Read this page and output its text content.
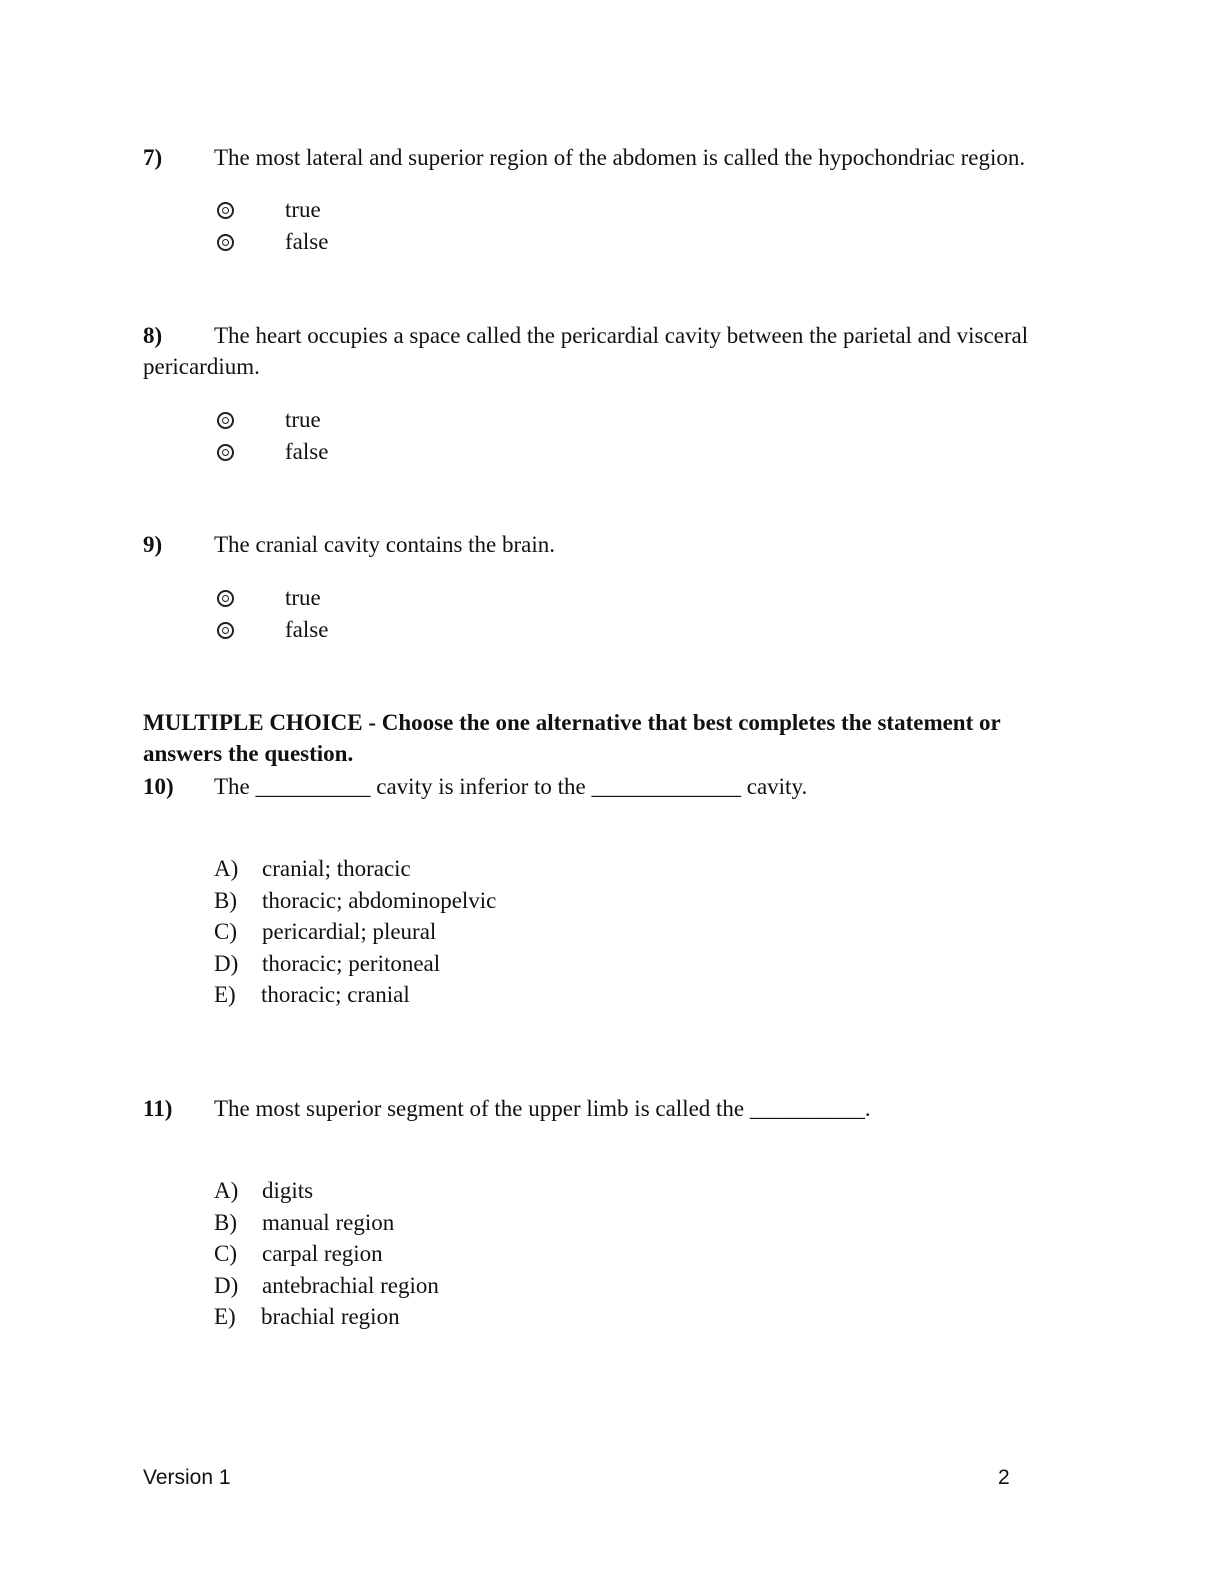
7) The most lateral and superior region of the abdomen is called the hypochondriac region.
true
false
8) The heart occupies a space called the pericardial cavity between the parietal and visceral
pericardium.
true
false
9) The cranial cavity contains the brain.
true
false
MULTIPLE CHOICE - Choose the one alternative that best completes the statement or
answers the question.
10) The __________ cavity is inferior to the _____________ cavity.
A) cranial; thoracic
B) thoracic; abdominopelvic
C) pericardial; pleural
D) thoracic; peritoneal
E) thoracic; cranial
11) The most superior segment of the upper limb is called the __________.
A) digits
B) manual region
C) carpal region
D) antebrachial region
E) brachial region
Version 1	2
